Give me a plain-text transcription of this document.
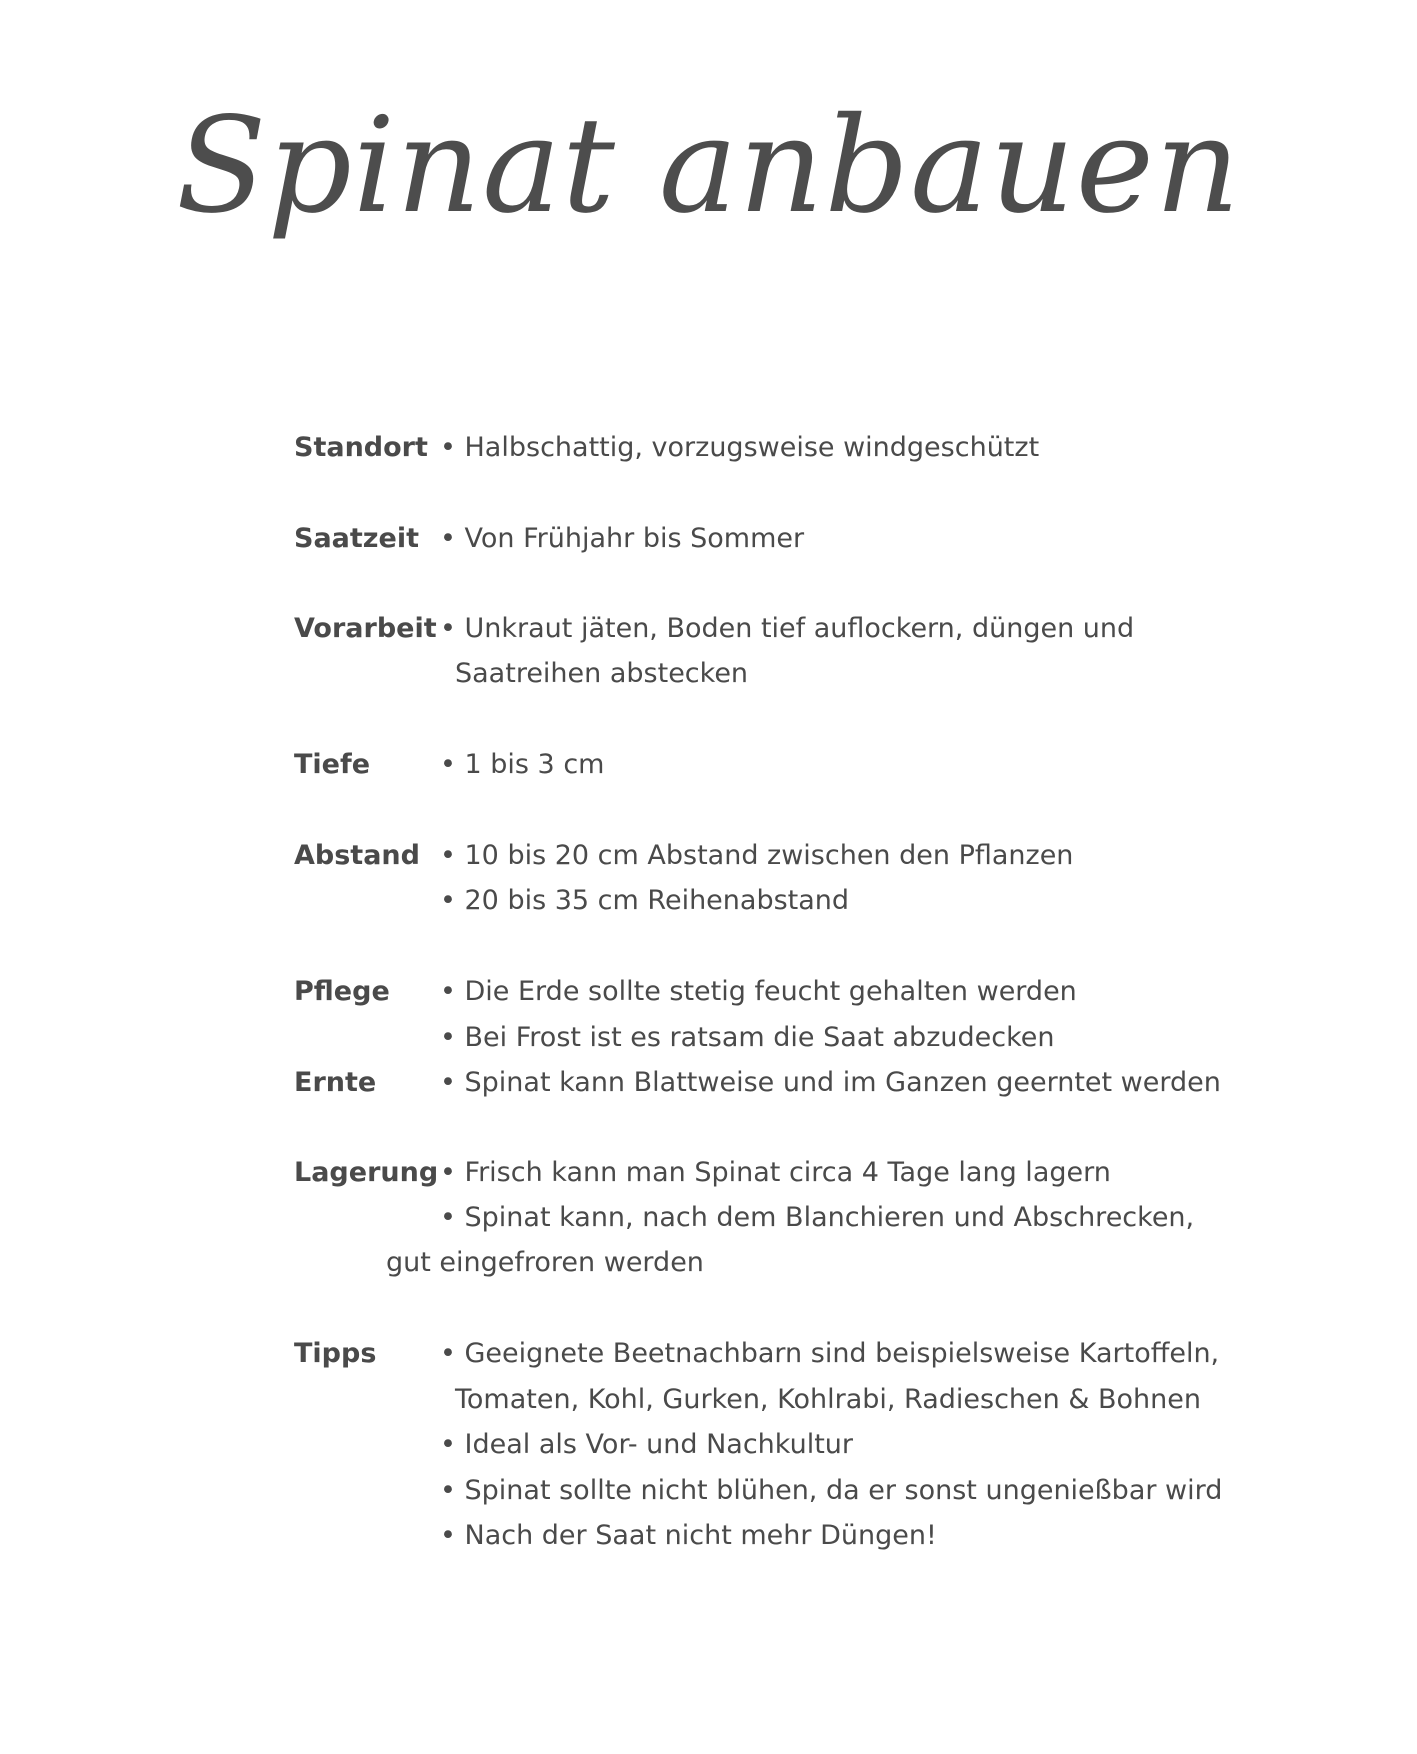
Spinat anbauen
Standort • Halbschattig, vorzugsweise windgeschützt
Saatzeit • Von Frühjahr bis Sommer
Vorarbeit • Unkraut jäten, Boden tief auflockern, düngen und
Saatreihen abstecken
Tiefe	• 1 bis 3 cm
Abstand • 10 bis 20 cm Abstand zwischen den Pflanzen
• 20 bis 35 cm Reihenabstand
Pflege • Die Erde sollte stetig feucht gehalten werden
• Bei Frost ist es ratsam die Saat abzudecken
Ernte • Spinat kann Blattweise und im Ganzen geerntet werden
Lagerung • Frisch kann man Spinat circa 4 Tage lang lagern
• Spinat kann, nach dem Blanchieren und Abschrecken,
gut eingefroren werden
Tipps • Geeignete Beetnachbarn sind beispielsweise Kartoffeln,
Tomaten, Kohl, Gurken, Kohlrabi, Radieschen & Bohnen
• Ideal als Vor- und Nachkultur
• Spinat sollte nicht blühen, da er sonst ungenießbar wird
• Nach der Saat nicht mehr Düngen!
